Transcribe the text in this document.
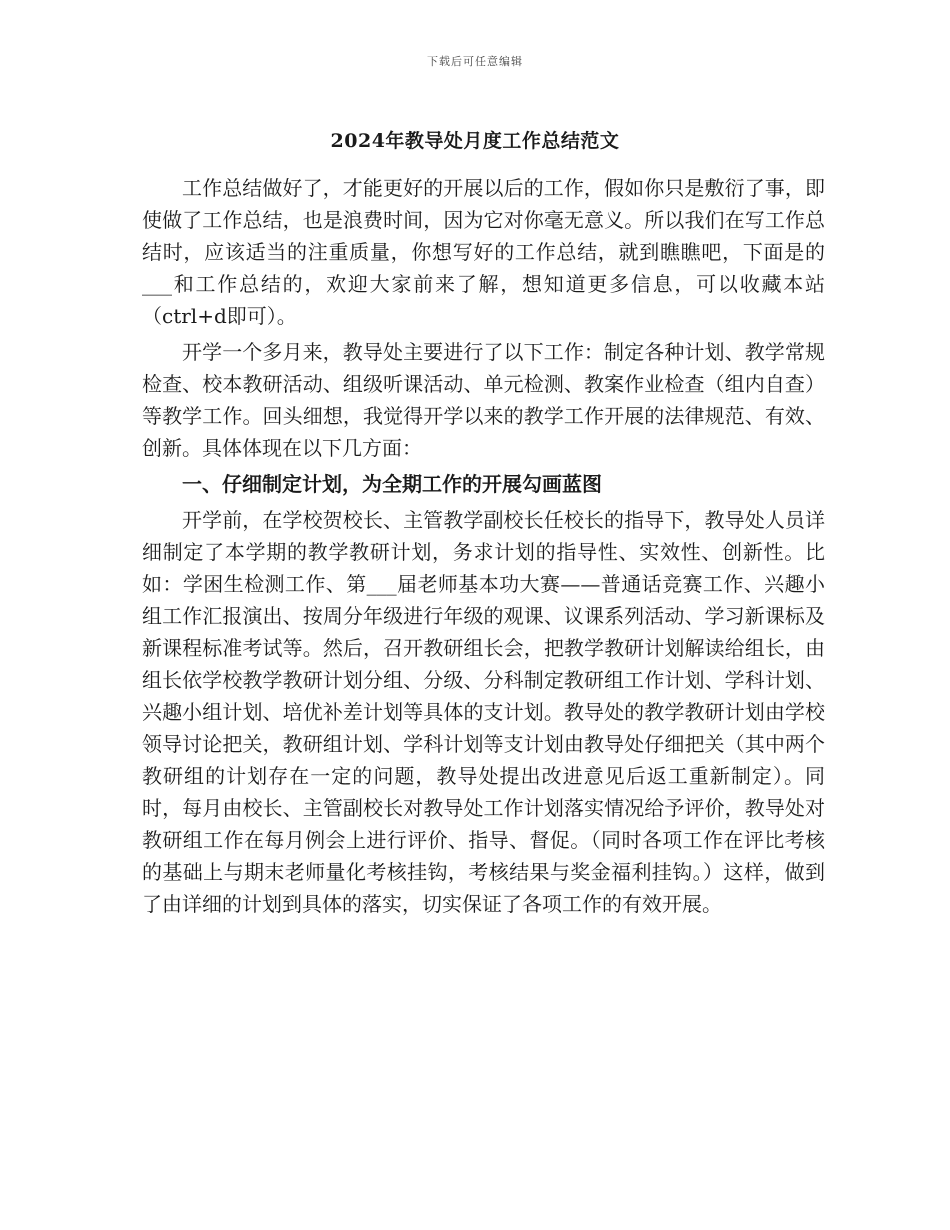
下载后可任意编辑
2024年教导处月度工作总结范文

工作总结做好了，才能更好的开展以后的工作，假如你只是敷衍了事，即使做了工作总结，也是浪费时间，因为它对你毫无意义。所以我们在写工作总结时，应该适当的注重质量，你想写好的工作总结，就到瞧瞧吧，下面是的___和工作总结的，欢迎大家前来了解，想知道更多信息，可以收藏本站（ctrl+d即可）。

开学一个多月来，教导处主要进行了以下工作：制定各种计划、教学常规检查、校本教研活动、组级听课活动、单元检测、教案作业检查（组内自查）等教学工作。回头细想，我觉得开学以来的教学工作开展的法律规范、有效、创新。具体体现在以下几方面：

一、仔细制定计划，为全期工作的开展勾画蓝图

开学前，在学校贺校长、主管教学副校长任校长的指导下，教导处人员详细制定了本学期的教学教研计划，务求计划的指导性、实效性、创新性。比如：学困生检测工作、第___届老师基本功大赛——普通话竞赛工作、兴趣小组工作汇报演出、按周分年级进行年级的观课、议课系列活动、学习新课标及新课程标准考试等。然后，召开教研组长会，把教学教研计划解读给组长，由组长依学校教学教研计划分组、分级、分科制定教研组工作计划、学科计划、兴趣小组计划、培优补差计划等具体的支计划。教导处的教学教研计划由学校领导讨论把关，教研组计划、学科计划等支计划由教导处仔细把关（其中两个教研组的计划存在一定的问题，教导处提出改进意见后返工重新制定）。同时，每月由校长、主管副校长对教导处工作计划落实情况给予评价，教导处对教研组工作在每月例会上进行评价、指导、督促。（同时各项工作在评比考核的基础上与期末老师量化考核挂钩，考核结果与奖金福利挂钩。）这样，做到了由详细的计划到具体的落实，切实保证了各项工作的有效开展。
